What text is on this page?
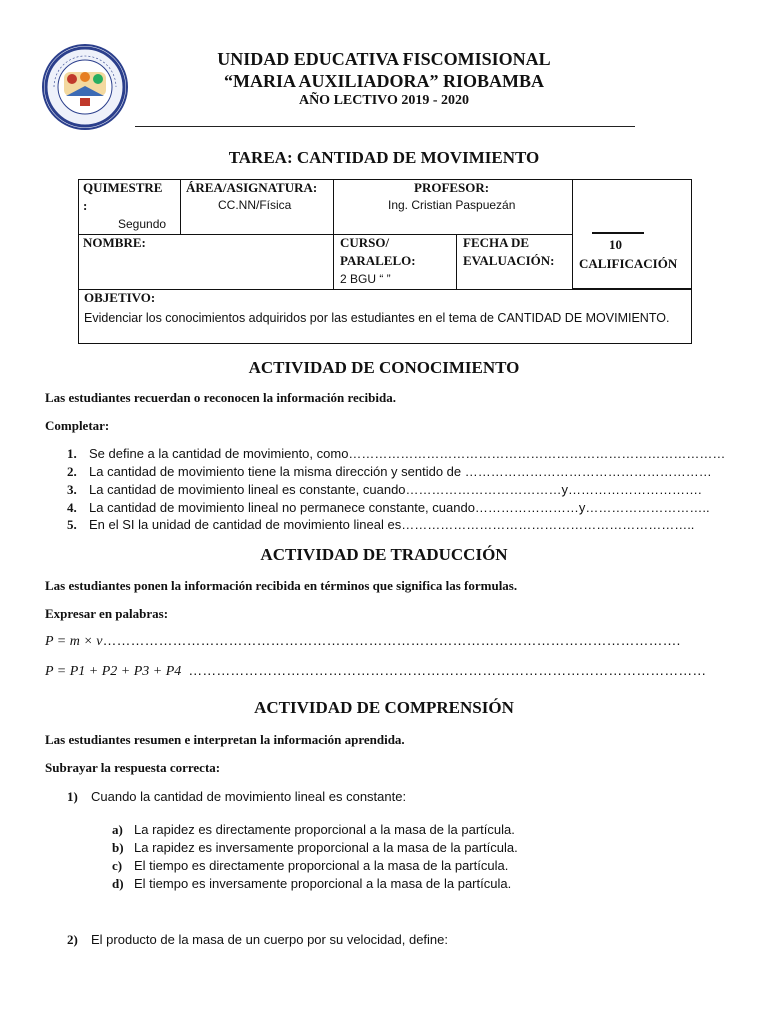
UNIDAD EDUCATIVA FISCOMISIONAL
“MARIA AUXILIADORA” RIOBAMBA
AÑO LECTIVO 2019 - 2020
TAREA: CANTIDAD DE MOVIMIENTO
QUIMESTRE
:
Segundo
ÁREA/ASIGNATURA:
CC.NN/Física
PROFESOR:
Ing. Cristian Paspuezán
NOMBRE:	CURSO/
PARALELO:
2 BGU “ ”
FECHA DE
EVALUACIÓN:
10
CALIFICACIÓN
OBJETIVO:
Evidenciar los conocimientos adquiridos por las estudiantes en el tema de CANTIDAD DE MOVIMIENTO.
ACTIVIDAD DE CONOCIMIENTO
Las estudiantes recuerdan o reconocen la información recibida.
Completar:
1. Se define a la cantidad de movimiento, como……………………………………………………………………………
2. La cantidad de movimiento tiene la misma dirección y sentido de …………………………………………………
3. La cantidad de movimiento lineal es constante, cuando………………………………y………………………….
4. La cantidad de movimiento lineal no permanece constante, cuando……………………y………………………..
5. En el SI la unidad de cantidad de movimiento lineal es…………………………………………………………..
ACTIVIDAD DE TRADUCCIÓN
Las estudiantes ponen la información recibida en términos que significa las formulas.
Expresar en palabras:
P = m × v…………………………………………………………………………………………………………….
P = P1 + P2 + P3 + P4 …………………………………………………………………………………………………
ACTIVIDAD DE COMPRENSIÓN
Las estudiantes resumen e interpretan la información aprendida.
Subrayar la respuesta correcta:
1) Cuando la cantidad de movimiento lineal es constante:
a) La rapidez es directamente proporcional a la masa de la partícula.
b) La rapidez es inversamente proporcional a la masa de la partícula.
c) El tiempo es directamente proporcional a la masa de la partícula.
d) El tiempo es inversamente proporcional a la masa de la partícula.
2) El producto de la masa de un cuerpo por su velocidad, define:
